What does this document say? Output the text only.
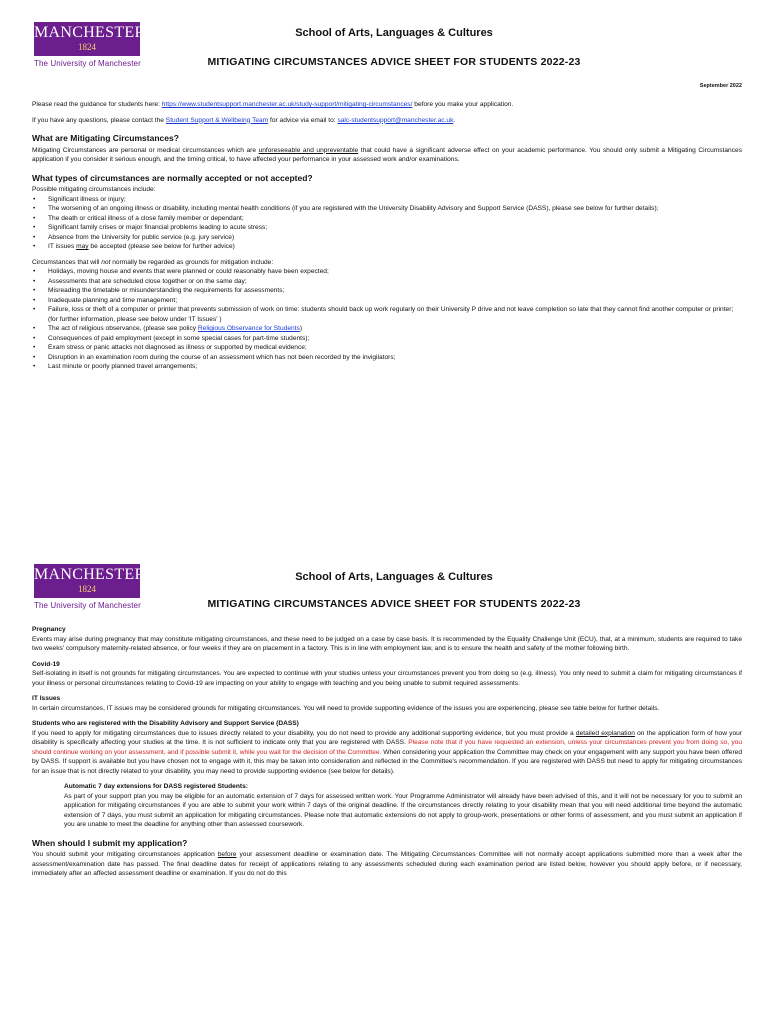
MANCHESTER
1824
The University of Manchester
School of Arts, Languages & Cultures
MITIGATING CIRCUMSTANCES ADVICE SHEET FOR STUDENTS 2022-23
September 2022

Please read the guidance for students here: https://www.studentsupport.manchester.ac.uk/study-support/mitigating-circumstances/ before you make your application.

If you have any questions, please contact the Student Support & Wellbeing Team for advice via email to: salc-studentsupport@manchester.ac.uk.

What are Mitigating Circumstances?

Mitigating Circumstances are personal or medical circumstances which are unforeseeable and unpreventable that could have a significant adverse effect on your academic performance. You should only submit a Mitigating Circumstances application if you consider it serious enough, and the timing critical, to have affected your performance in your assessed work and/or examinations.

What types of circumstances are normally accepted or not accepted?
Possible mitigating circumstances include:
• Significant illness or injury;
• The worsening of an ongoing illness or disability, including mental health conditions (if you are registered with the University Disability Advisory and Support Service (DASS), please see below for further details);
• The death or critical illness of a close family member or dependant;
• Significant family crises or major financial problems leading to acute stress;
• Absence from the University for public service (e.g. jury service)
• IT issues may be accepted (please see below for further advice)
Circumstances that will not normally be regarded as grounds for mitigation include:
• Holidays, moving house and events that were planned or could reasonably have been expected;
• Assessments that are scheduled close together or on the same day;
• Misreading the timetable or misunderstanding the requirements for assessments;
• Inadequate planning and time management;
• Failure, loss or theft of a computer or printer that prevents submission of work on time: students should back up work regularly on their University P drive and not leave completion so late that they cannot find another computer or printer; (for further information, please see below under 'IT Issues' )
• The act of religious observance, (please see policy Religious Observance for Students)
• Consequences of paid employment (except in some special cases for part-time students);
• Exam stress or panic attacks not diagnosed as illness or supported by medical evidence;
• Disruption in an examination room during the course of an assessment which has not been recorded by the invigilators;
• Last minute or poorly planned travel arrangements;
MANCHESTER
1824
The University of Manchester
School of Arts, Languages & Cultures
MITIGATING CIRCUMSTANCES ADVICE SHEET FOR STUDENTS 2022-23
Pregnancy

Events may arise during pregnancy that may constitute mitigating circumstances, and these need to be judged on a case by case basis. It is recommended by the Equality Challenge Unit (ECU), that, at a minimum, students are required to take two weeks' compulsory maternity-related absence, or four weeks if they are on placement in a factory. This is in line with employment law, and is to ensure the health and safety of the mother following birth.

Covid-19

Self-isolating in itself is not grounds for mitigating circumstances. You are expected to continue with your studies unless your circumstances prevent you from doing so (e.g. illness). You only need to submit a claim for mitigating circumstances if your illness or personal circumstances relating to Covid-19 are impacting on your ability to engage with teaching and you being unable to submit required assessments.

IT Issues

In certain circumstances, IT issues may be considered grounds for mitigating circumstances. You will need to provide supporting evidence of the issues you are experiencing, please see table below for further details.

Students who are registered with the Disability Advisory and Support Service (DASS)

If you need to apply for mitigating circumstances due to issues directly related to your disability, you do not need to provide any additional supporting evidence, but you must provide a detailed explanation on the application form of how your disability is specifically affecting your studies at the time. It is not sufficient to indicate only that you are registered with DASS. Please note that if you have requested an extension, unless your circumstances prevent you from doing so, you should continue working on your assessment, and if possible submit it, while you wait for the decision of the Committee. When considering your application the Committee may check on your engagement with any support you have been offered by DASS. If support is available but you have chosen not to engage with it, this may be taken into consideration and reflected in the Committee's recommendation. If you are registered with DASS but need to apply for mitigating circumstances for an issue that is not directly related to your disability, you may need to provide supporting evidence (see below for details).

Automatic 7 day extensions for DASS registered Students:

As part of your support plan you may be eligible for an automatic extension of 7 days for assessed written work. Your Programme Administrator will already have been advised of this, and it will not be necessary for you to submit an application for mitigating circumstances if you are able to submit your work within 7 days of the original deadline. If the circumstances directly relating to your disability mean that you will need additional time beyond the automatic extension of 7 days, you must submit an application for mitigating circumstances. Please note that automatic extensions do not apply to group-work, presentations or other forms of assessment, and you must submit an application if you are unable to meet the deadline for anything other than assessed coursework.

When should I submit my application?

You should submit your mitigating circumstances application before your assessment deadline or examination date. The Mitigating Circumstances Committee will not normally accept applications submitted more than a week after the assessment/examination date has passed. The final deadline dates for receipt of applications relating to any assessments scheduled during each examination period are listed below, however you should apply before, or if necessary, immediately after an affected assessment deadline or examination. If you do not do this
